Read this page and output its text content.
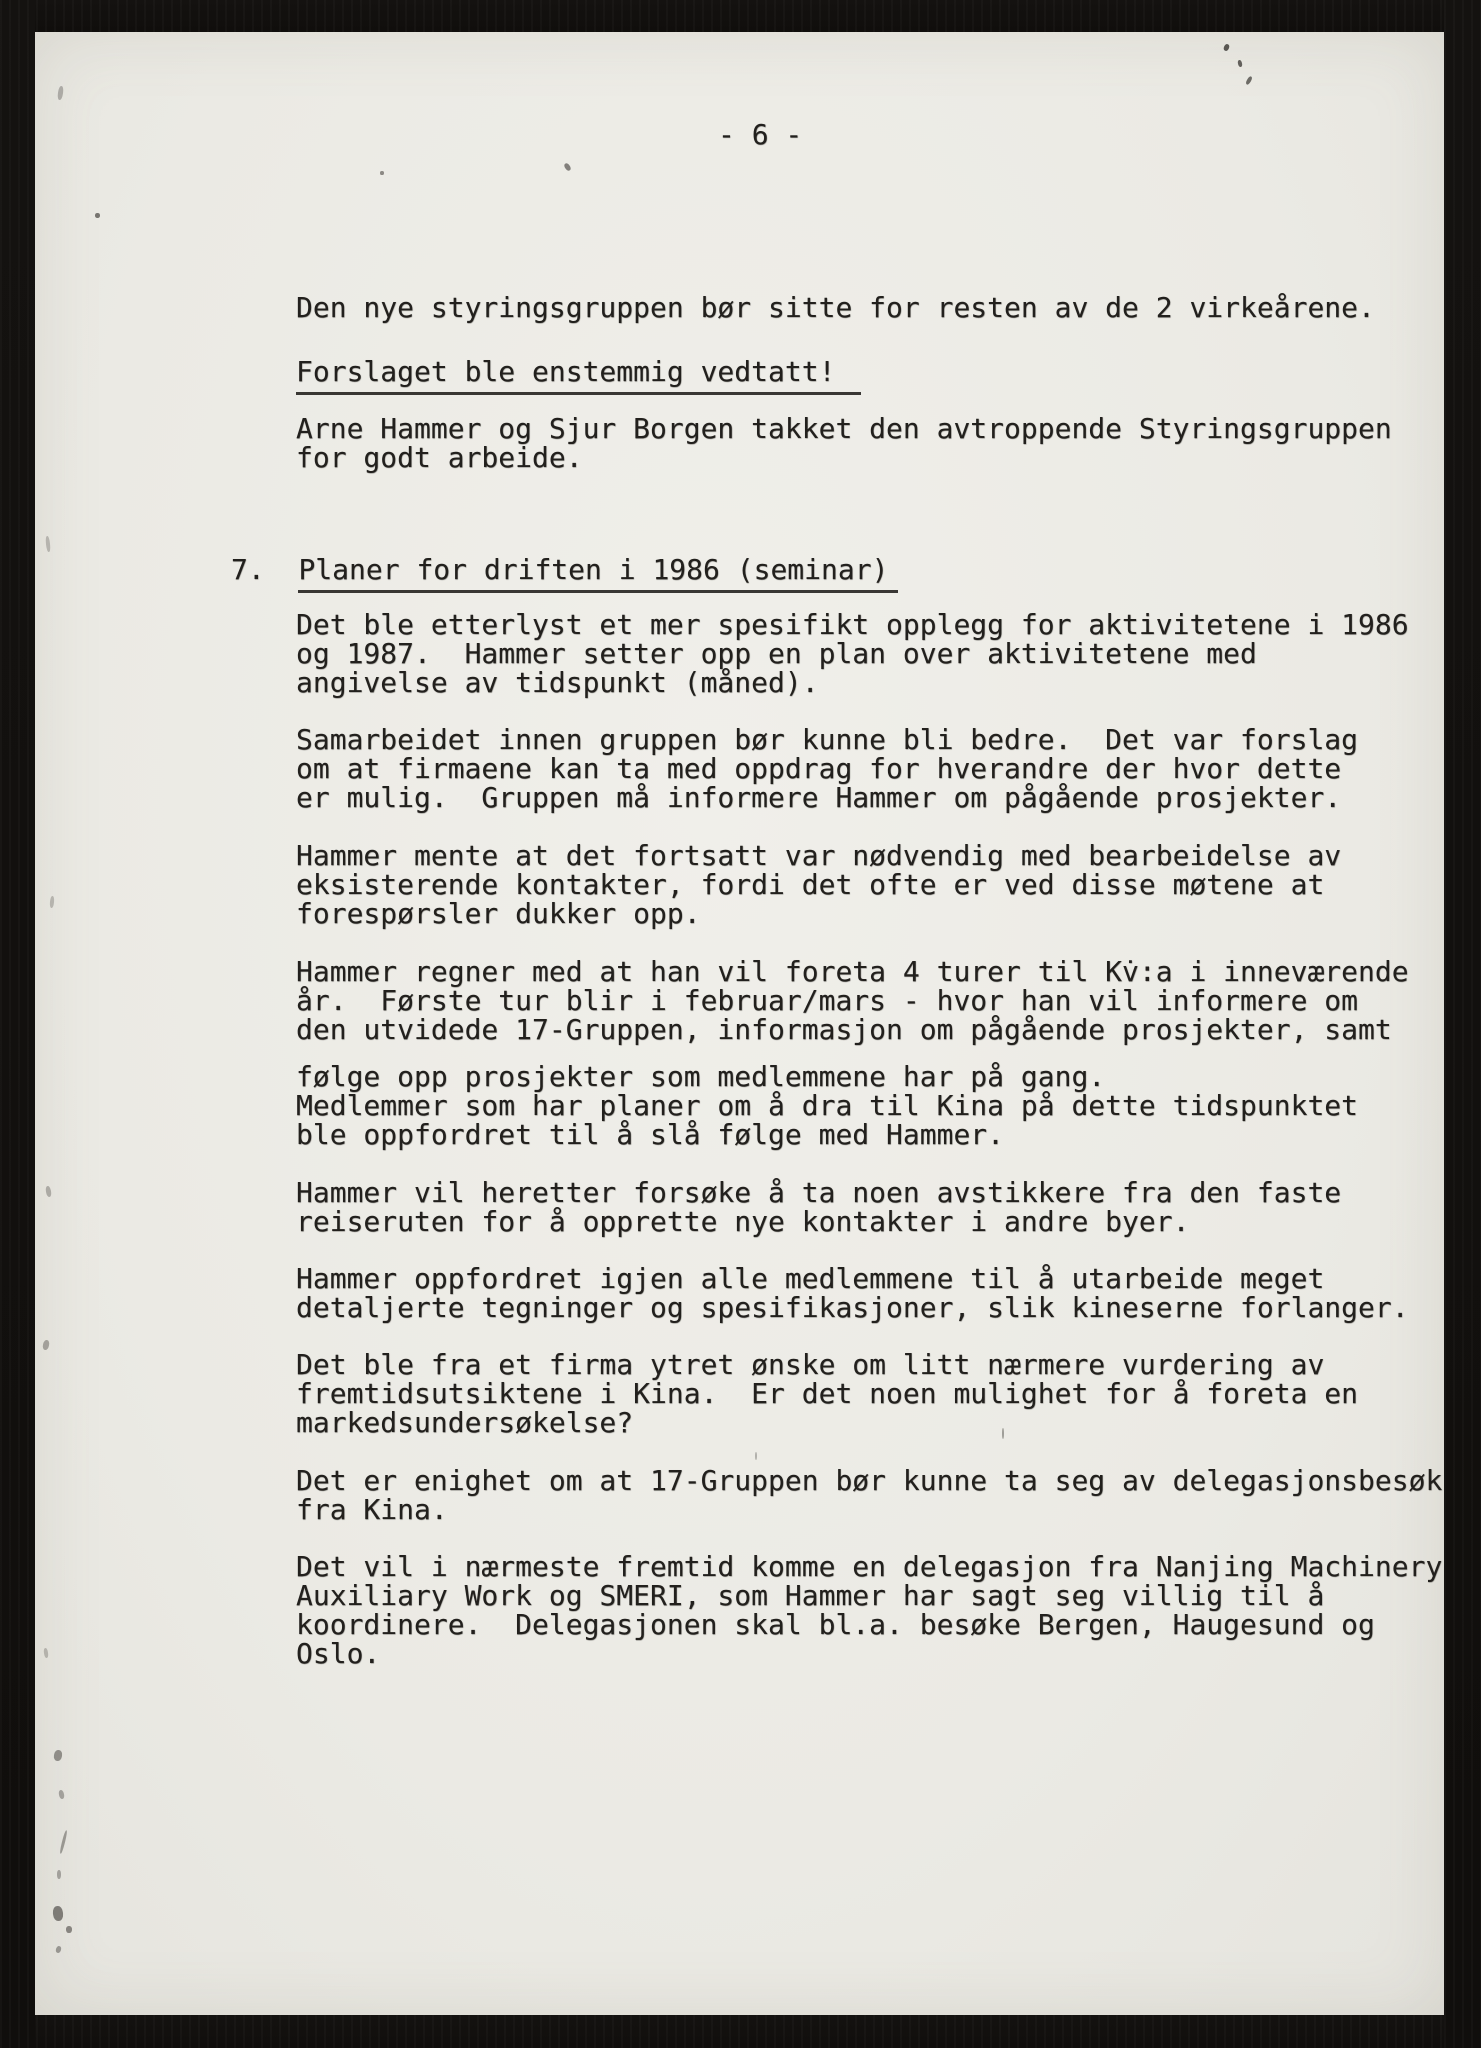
- 6 -
Den nye styringsgruppen bør sitte for resten av de 2 virkeårene.
Forslaget ble enstemmig vedtatt!
Arne Hammer og Sjur Borgen takket den avtroppende Styringsgruppen
for godt arbeide.
7. Planer for driften i 1986 (seminar)
Det ble etterlyst et mer spesifikt opplegg for aktivitetene i 1986
og 1987.  Hammer setter opp en plan over aktivitetene med
angivelse av tidspunkt (måned).
Samarbeidet innen gruppen bør kunne bli bedre.  Det var forslag
om at firmaene kan ta med oppdrag for hverandre der hvor dette
er mulig.  Gruppen må informere Hammer om pågående prosjekter.
Hammer mente at det fortsatt var nødvendig med bearbeidelse av
eksisterende kontakter, fordi det ofte er ved disse møtene at
forespørsler dukker opp.
Hammer regner med at han vil foreta 4 turer til Kv̇:a i inneværende
år.  Første tur blir i februar/mars - hvor han vil informere om
den utvidede 17-Gruppen, informasjon om pågående prosjekter, samt
følge opp prosjekter som medlemmene har på gang.
Medlemmer som har planer om å dra til Kina på dette tidspunktet
ble oppfordret til å slå følge med Hammer.
Hammer vil heretter forsøke å ta noen avstikkere fra den faste
reiseruten for å opprette nye kontakter i andre byer.
Hammer oppfordret igjen alle medlemmene til å utarbeide meget
detaljerte tegninger og spesifikasjoner, slik kineserne forlanger.
Det ble fra et firma ytret ønske om litt nærmere vurdering av
fremtidsutsiktene i Kina.  Er det noen mulighet for å foreta en
markedsundersøkelse?
Det er enighet om at 17-Gruppen bør kunne ta seg av delegasjonsbesøk
fra Kina.
Det vil i nærmeste fremtid komme en delegasjon fra Nanjing Machinery
Auxiliary Work og SMERI, som Hammer har sagt seg villig til å
koordinere.  Delegasjonen skal bl.a. besøke Bergen, Haugesund og
Oslo.
